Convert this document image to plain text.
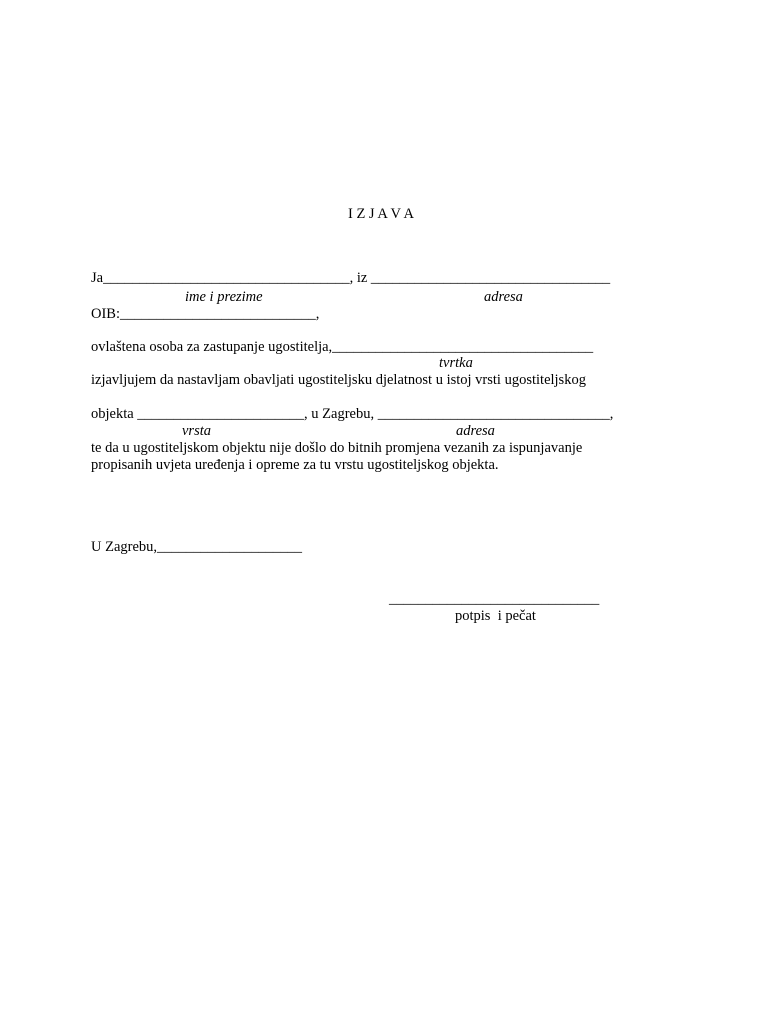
I Z J A V A
Ja__________________________________, iz _________________________________
ime i prezime	adresa
OIB:___________________________,
ovlaštena osoba za zastupanje ugostitelja,____________________________________
tvrtka
izjavljujem da nastavljam obavljati ugostiteljsku djelatnost u istoj vrsti ugostiteljskog
objekta _______________________, u Zagrebu, ________________________________,
vrsta	adresa
te da u ugostiteljskom objektu nije došlo do bitnih promjena vezanih za ispunjavanje
propisanih uvjeta uređenja i opreme za tu vrstu ugostiteljskog objekta.
U Zagrebu,____________________
_____________________________
potpis  i pečat
